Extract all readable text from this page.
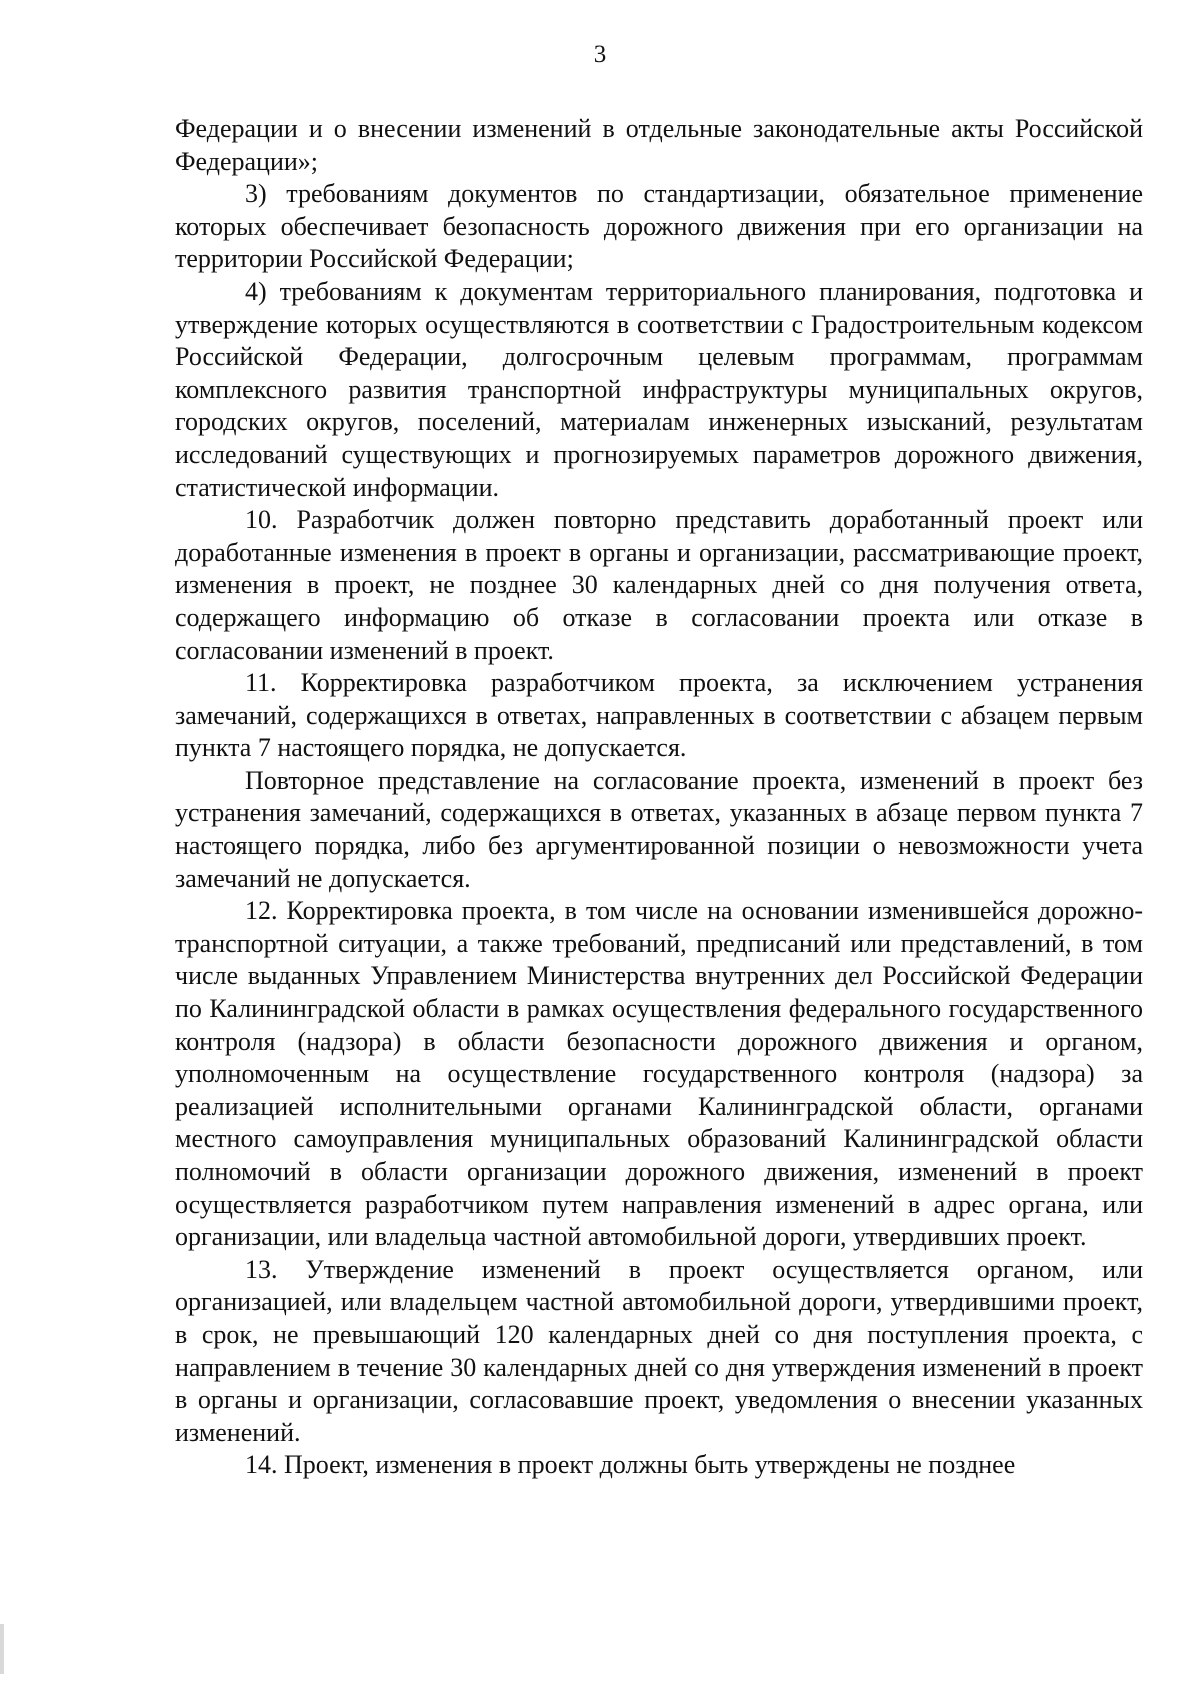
3

Федерации и о внесении изменений в отдельные законодательные акты Российской Федерации»;

3) требованиям документов по стандартизации, обязательное применение которых обеспечивает безопасность дорожного движения при его организации на территории Российской Федерации;

4) требованиям к документам территориального планирования, подготовка и утверждение которых осуществляются в соответствии с Градостроительным кодексом Российской Федерации, долгосрочным целевым программам, программам комплексного развития транспортной инфраструктуры муниципальных округов, городских округов, поселений, материалам инженерных изысканий, результатам исследований существующих и прогнозируемых параметров дорожного движения, статистической информации.

10. Разработчик должен повторно представить доработанный проект или доработанные изменения в проект в органы и организации, рассматривающие проект, изменения в проект, не позднее 30 календарных дней со дня получения ответа, содержащего информацию об отказе в согласовании проекта или отказе в согласовании изменений в проект.

11. Корректировка разработчиком проекта, за исключением устранения замечаний, содержащихся в ответах, направленных в соответствии с абзацем первым пункта 7 настоящего порядка, не допускается.

Повторное представление на согласование проекта, изменений в проект без устранения замечаний, содержащихся в ответах, указанных в абзаце первом пункта 7 настоящего порядка, либо без аргументированной позиции о невозможности учета замечаний не допускается.

12. Корректировка проекта, в том числе на основании изменившейся дорожно-транспортной ситуации, а также требований, предписаний или представлений, в том числе выданных Управлением Министерства внутренних дел Российской Федерации по Калининградской области в рамках осуществления федерального государственного контроля (надзора) в области безопасности дорожного движения и органом, уполномоченным на осуществление государственного контроля (надзора) за реализацией исполнительными органами Калининградской области, органами местного самоуправления муниципальных образований Калининградской области полномочий в области организации дорожного движения, изменений в проект осуществляется разработчиком путем направления изменений в адрес органа, или организации, или владельца частной автомобильной дороги, утвердивших проект.

13. Утверждение изменений в проект осуществляется органом, или организацией, или владельцем частной автомобильной дороги, утвердившими проект, в срок, не превышающий 120 календарных дней со дня поступления проекта, с направлением в течение 30 календарных дней со дня утверждения изменений в проект в органы и организации, согласовавшие проект, уведомления о внесении указанных изменений.

14. Проект, изменения в проект должны быть утверждены не позднее
